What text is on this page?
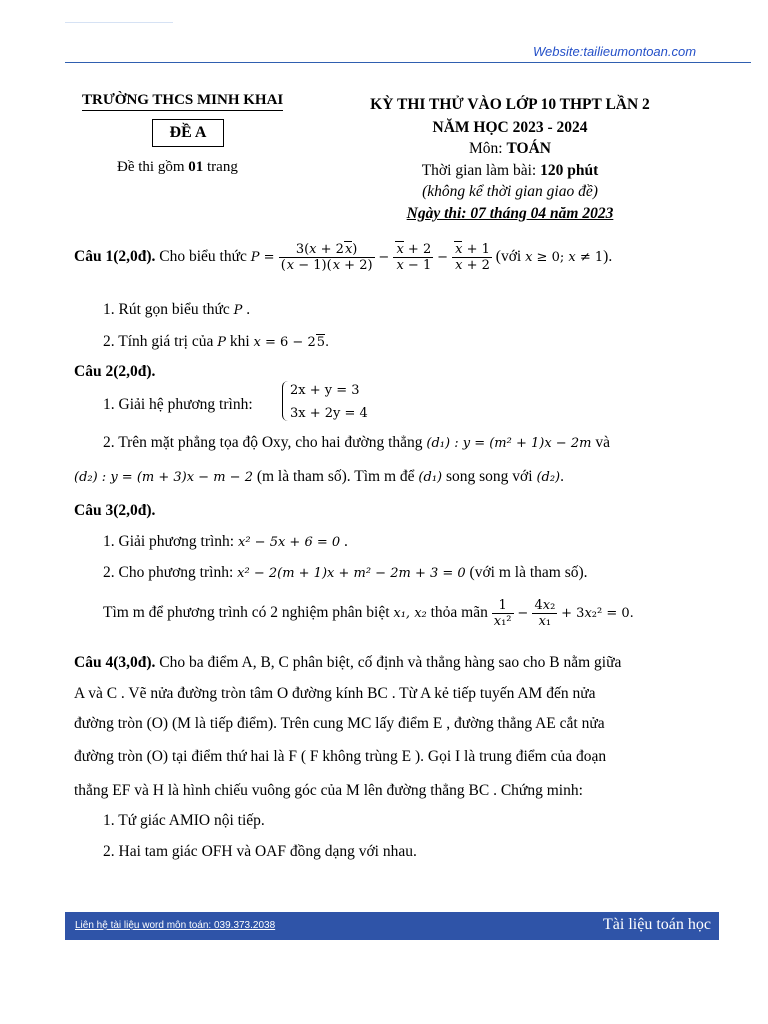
Website:tailieumontoan.com
TRƯỜNG THCS MINH KHAI
ĐỀ A
Đề thi gồm 01 trang
KỲ THI THỬ VÀO LỚP 10 THPT LẦN 2
NĂM HỌC 2023 - 2024
Môn: TOÁN
Thời gian làm bài: 120 phút
(không kể thời gian giao đề)
Ngày thi: 07 tháng 04 năm 2023
Câu 1(2,0đ). Cho biểu thức $P = \frac{3(x + 2x)}{(x - 1)(x + 2)} - \frac{x + 2}{x - 1} - \frac{x + 1}{x + 2}$ (với x ≥ 0; x ≠ 1).
1. Rút gọn biểu thức P .
2. Tính giá trị của P khi x = 6 − 25.
Câu 2(2,0đ).
1. Giải hệ phương trình:
2x + y = 3
3x + 2y = 4
2. Trên mặt phẳng tọa độ Oxy, cho hai đường thẳng (d₁) : y = (m² + 1)x − 2m và
(d₂) : y = (m + 3)x − m − 2 (m là tham số). Tìm m để (d₁) song song với (d₂).
Câu 3(2,0đ).
1. Giải phương trình: x² − 5x + 6 = 0 .
2. Cho phương trình: x² − 2(m + 1)x + m² − 2m + 3 = 0 (với m là tham số).
Tìm m để phương trình có 2 nghiệm phân biệt x₁, x₂ thỏa mãn $\frac{1}{\text{x₁²}} - \frac{\text{4x₂}}{\text{x₁}} + 3x_2^2 = 0$.
Câu 4(3,0đ). Cho ba điểm A, B, C phân biệt, cố định và thẳng hàng sao cho B nằm giữa
A và C . Vẽ nửa đường tròn tâm O đường kính BC . Từ A kẻ tiếp tuyến AM đến nửa
đường tròn (O) (M là tiếp điểm). Trên cung MC lấy điểm E , đường thẳng AE cắt nửa
đường tròn (O) tại điểm thứ hai là F ( F không trùng E ). Gọi I là trung điểm của đoạn
thẳng EF và H là hình chiếu vuông góc của M lên đường thẳng BC . Chứng minh:
1. Tứ giác AMIO nội tiếp.
2. Hai tam giác OFH và OAF đồng dạng với nhau.
Liên hệ tài liệu word môn toán: 039.373.2038	Tài liệu toán học
